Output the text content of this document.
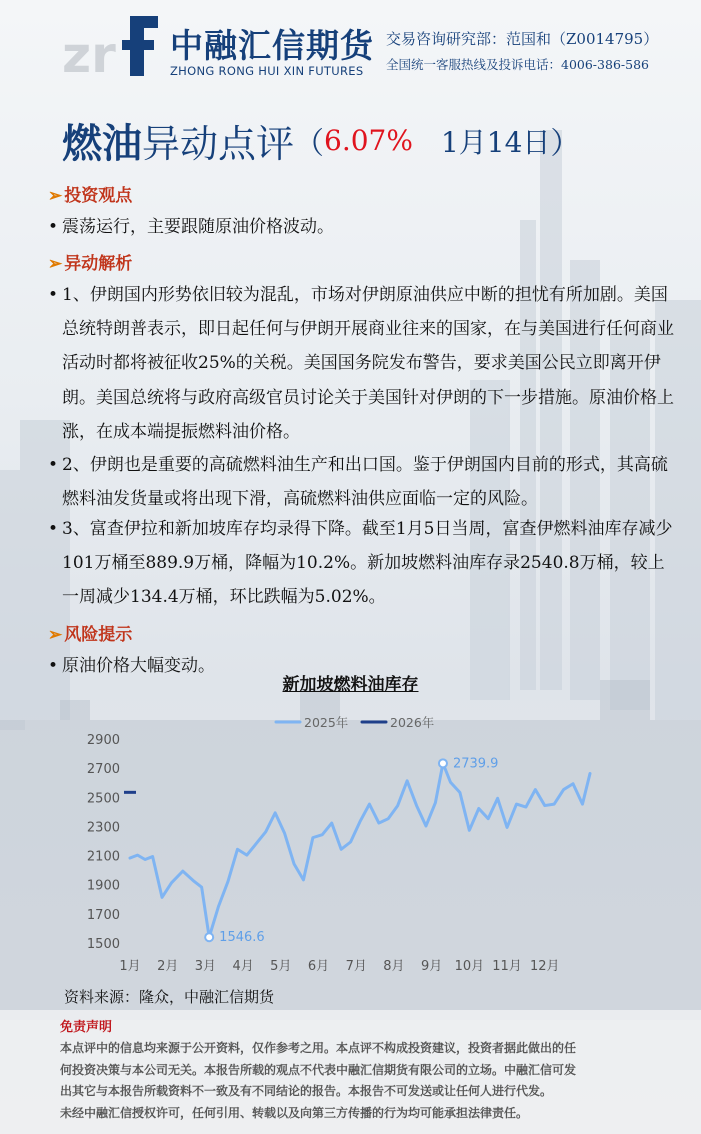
zr 中融汇信期货
ZHONG RONG HUI XIN FUTURES
交易咨询研究部：范国和（Z0014795）
全国统一客服热线及投诉电话：4006-386-586
燃油异动点评（6.07% 1月14日）
➢ 投资观点
• 震荡运行，主要跟随原油价格波动。
➢ 异动解析
• 1、伊朗国内形势依旧较为混乱，市场对伊朗原油供应中断的担忧有所加剧。美国总统特朗普表示，即日起任何与伊朗开展商业往来的国家，在与美国进行任何商业活动时都将被征收25%的关税。美国国务院发布警告，要求美国公民立即离开伊朗。美国总统将与政府高级官员讨论关于美国针对伊朗的下一步措施。原油价格上涨，在成本端提振燃料油价格。
• 2、伊朗也是重要的高硫燃料油生产和出口国。鉴于伊朗国内目前的形式，其高硫燃料油发货量或将出现下滑，高硫燃料油供应面临一定的风险。
• 3、富查伊拉和新加坡库存均录得下降。截至1月5日当周，富查伊燃料油库存减少101万桶至889.9万桶，降幅为10.2%。新加坡燃料油库存录2540.8万桶，较上一周减少134.4万桶，环比跌幅为5.02%。
➢ 风险提示
• 原油价格大幅变动。
新加坡燃料油库存
1500
1700
1900
2100
2300
2500
2700
2900
1月 2月 3月 4月 5月 6月 7月 8月 9月 10月 11月 12月
2025年	2026年
2739.9
1546.6
资料来源：隆众，中融汇信期货
免责声明
本点评中的信息均来源于公开资料，仅作参考之用。本点评不构成投资建议，投资者据此做出的任
何投资决策与本公司无关。本报告所载的观点不代表中融汇信期货有限公司的立场。中融汇信可发
出其它与本报告所载资料不一致及有不同结论的报告。本报告不可发送或让任何人进行代发。
未经中融汇信授权许可，任何引用、转载以及向第三方传播的行为均可能承担法律责任。
